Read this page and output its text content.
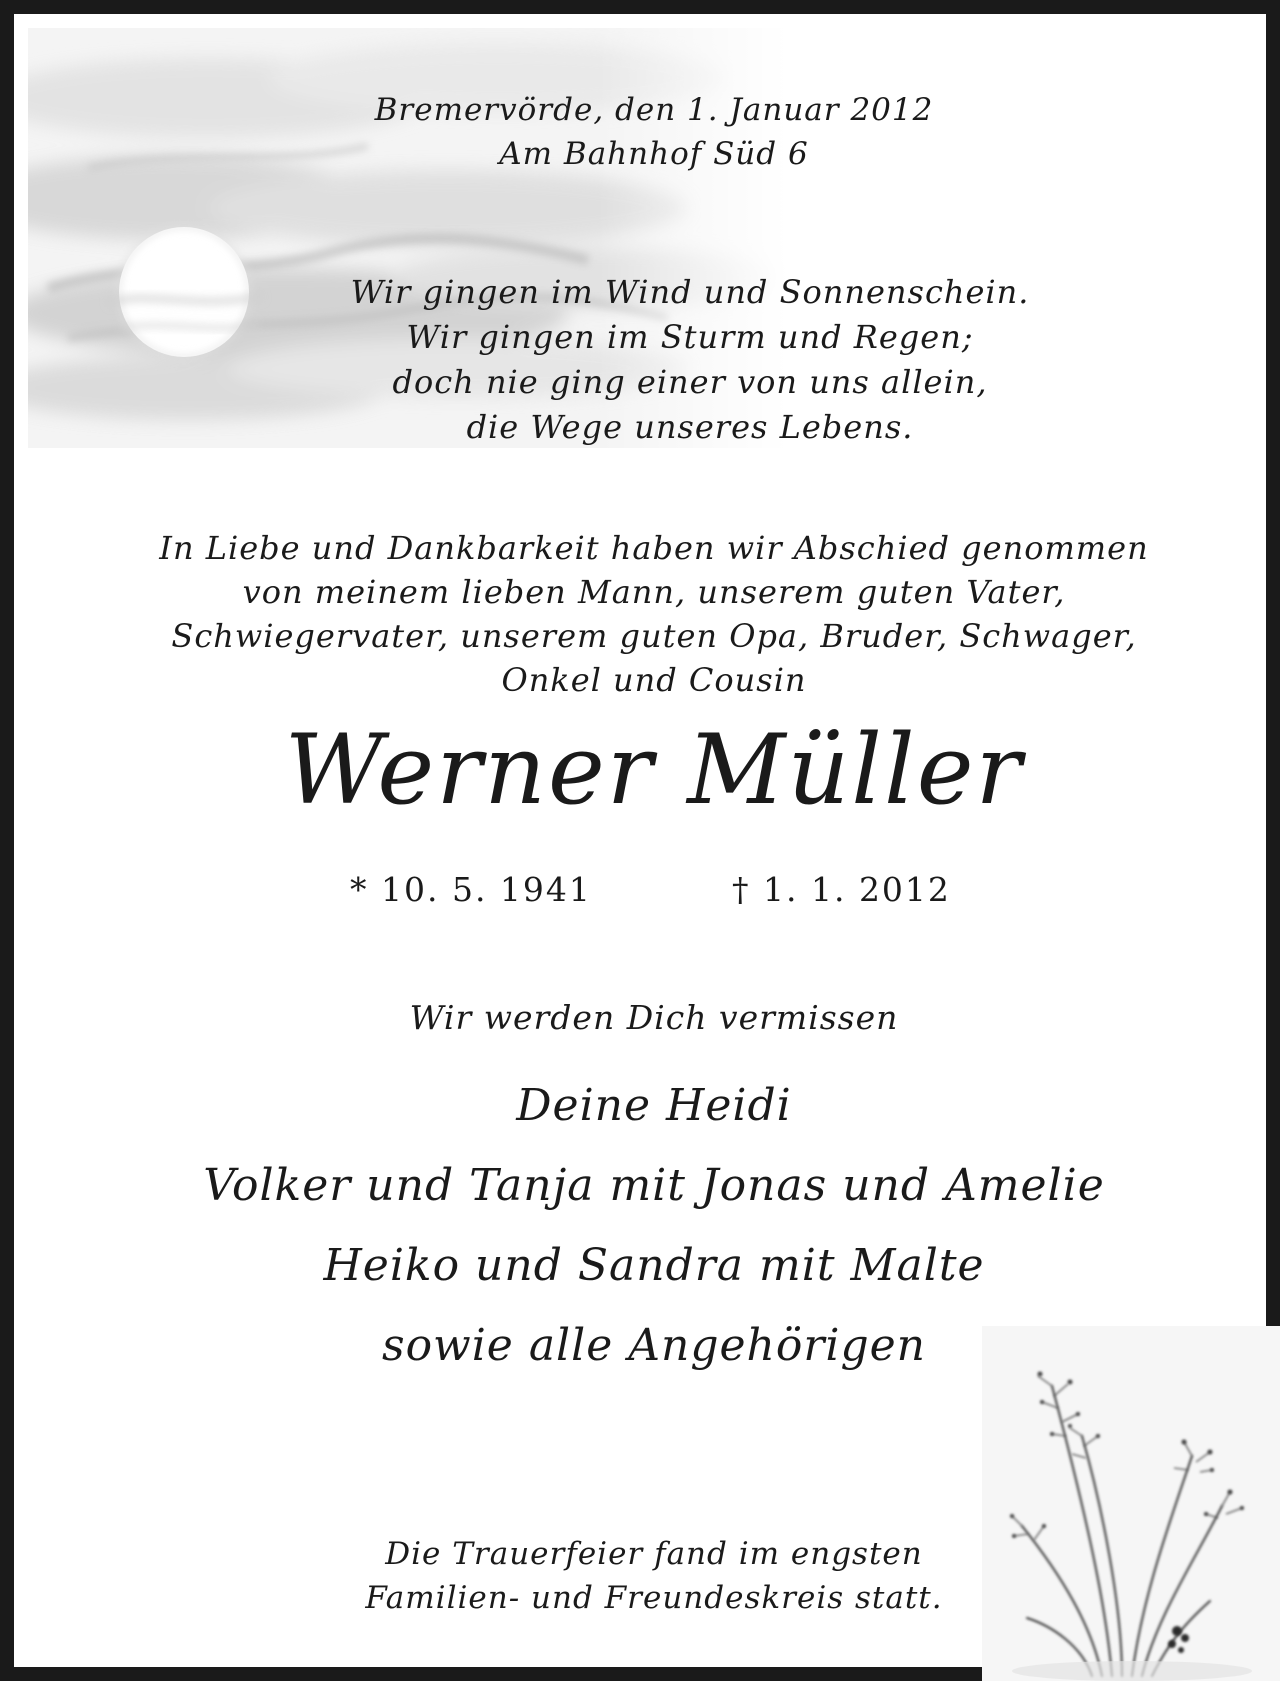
Bremervörde, den 1. Januar 2012
Am Bahnhof Süd 6
Wir gingen im Wind und Sonnenschein.
Wir gingen im Sturm und Regen;
doch nie ging einer von uns allein,
die Wege unseres Lebens.
In Liebe und Dankbarkeit haben wir Abschied genommen
von meinem lieben Mann, unserem guten Vater,
Schwiegervater, unserem guten Opa, Bruder, Schwager,
Onkel und Cousin
Werner Müller
* 10. 5. 1941	† 1. 1. 2012
Wir werden Dich vermissen
Deine Heidi
Volker und Tanja mit Jonas und Amelie
Heiko und Sandra mit Malte
sowie alle Angehörigen
Die Trauerfeier fand im engsten
Familien- und Freundeskreis statt.
